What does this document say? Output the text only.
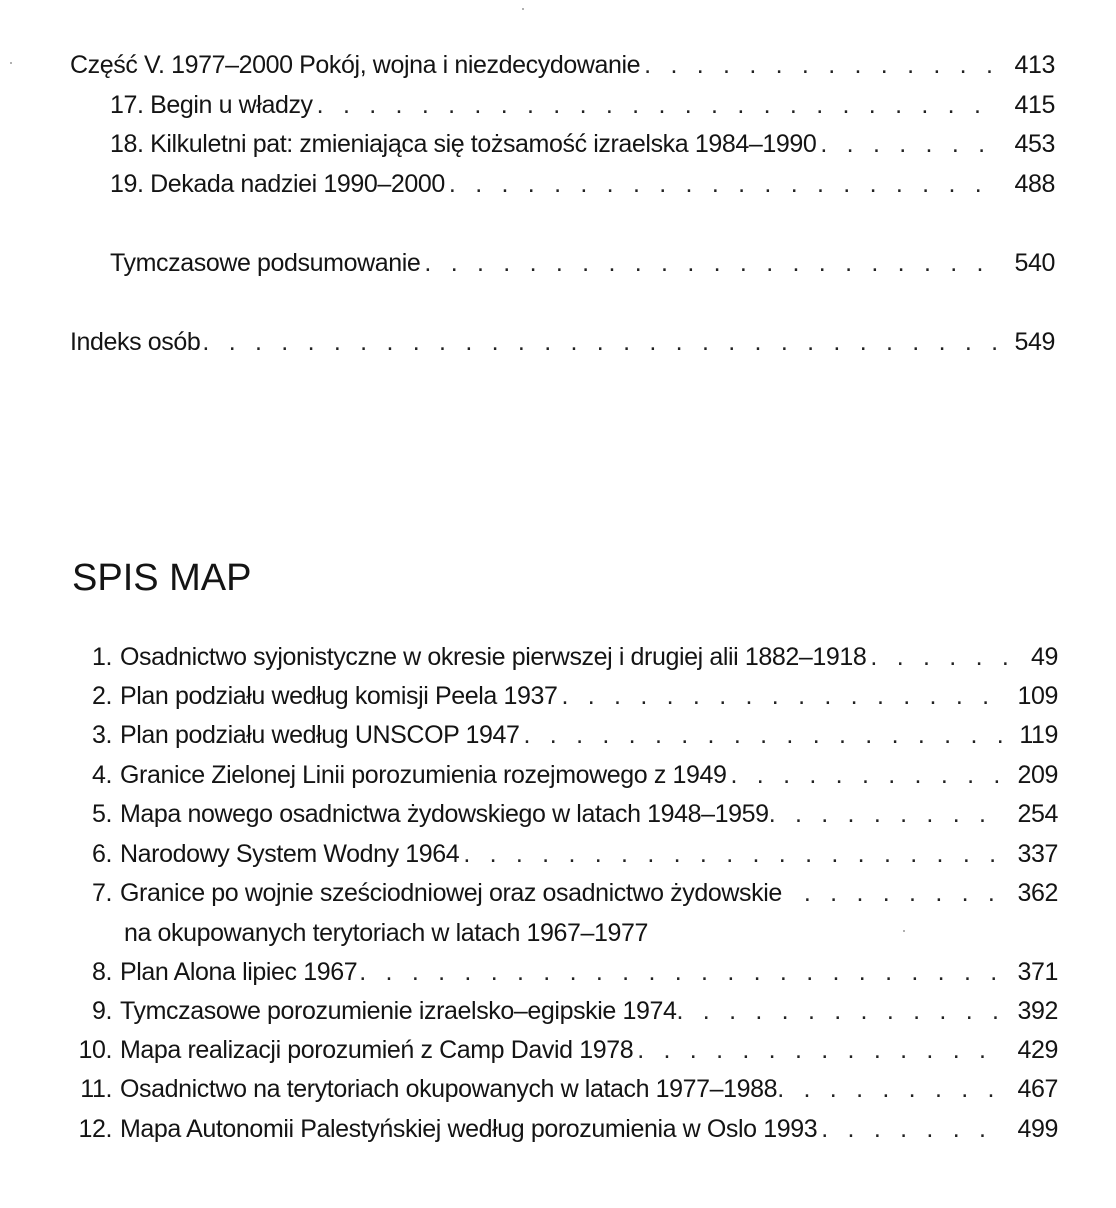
Część V. 1977–2000 Pokój, wojna i niezdecydowanie . . .	413
17. Begin u władzy . . .	415
18. Kilkuletni pat: zmieniająca się tożsamość izraelska 1984–1990 . . .	453
19. Dekada nadziei 1990–2000 . . .	488
Tymczasowe podsumowanie . . .	540
Indeks osób . . .	549
SPIS MAP
1. Osadnictwo syjonistyczne w okresie pierwszej i drugiej alii 1882–1918 . . .	49
2. Plan podziału według komisji Peela 1937 . . .	109
3. Plan podziału według UNSCOP 1947 . . .	119
4. Granice Zielonej Linii porozumienia rozejmowego z 1949 . . .	209
5. Mapa nowego osadnictwa żydowskiego w latach 1948–1959 . . .	254
6. Narodowy System Wodny 1964 . . .	337
7. Granice po wojnie sześciodniowej oraz osadnictwo żydowskie . . .	362
na okupowanych terytoriach w latach 1967–1977
8. Plan Alona lipiec 1967 . . .	371
9. Tymczasowe porozumienie izraelsko–egipskie 1974 . . .	392
10. Mapa realizacji porozumień z Camp David 1978 . . .	429
11. Osadnictwo na terytoriach okupowanych w latach 1977–1988 . . .	467
12. Mapa Autonomii Palestyńskiej według porozumienia w Oslo 1993 . . .	499
